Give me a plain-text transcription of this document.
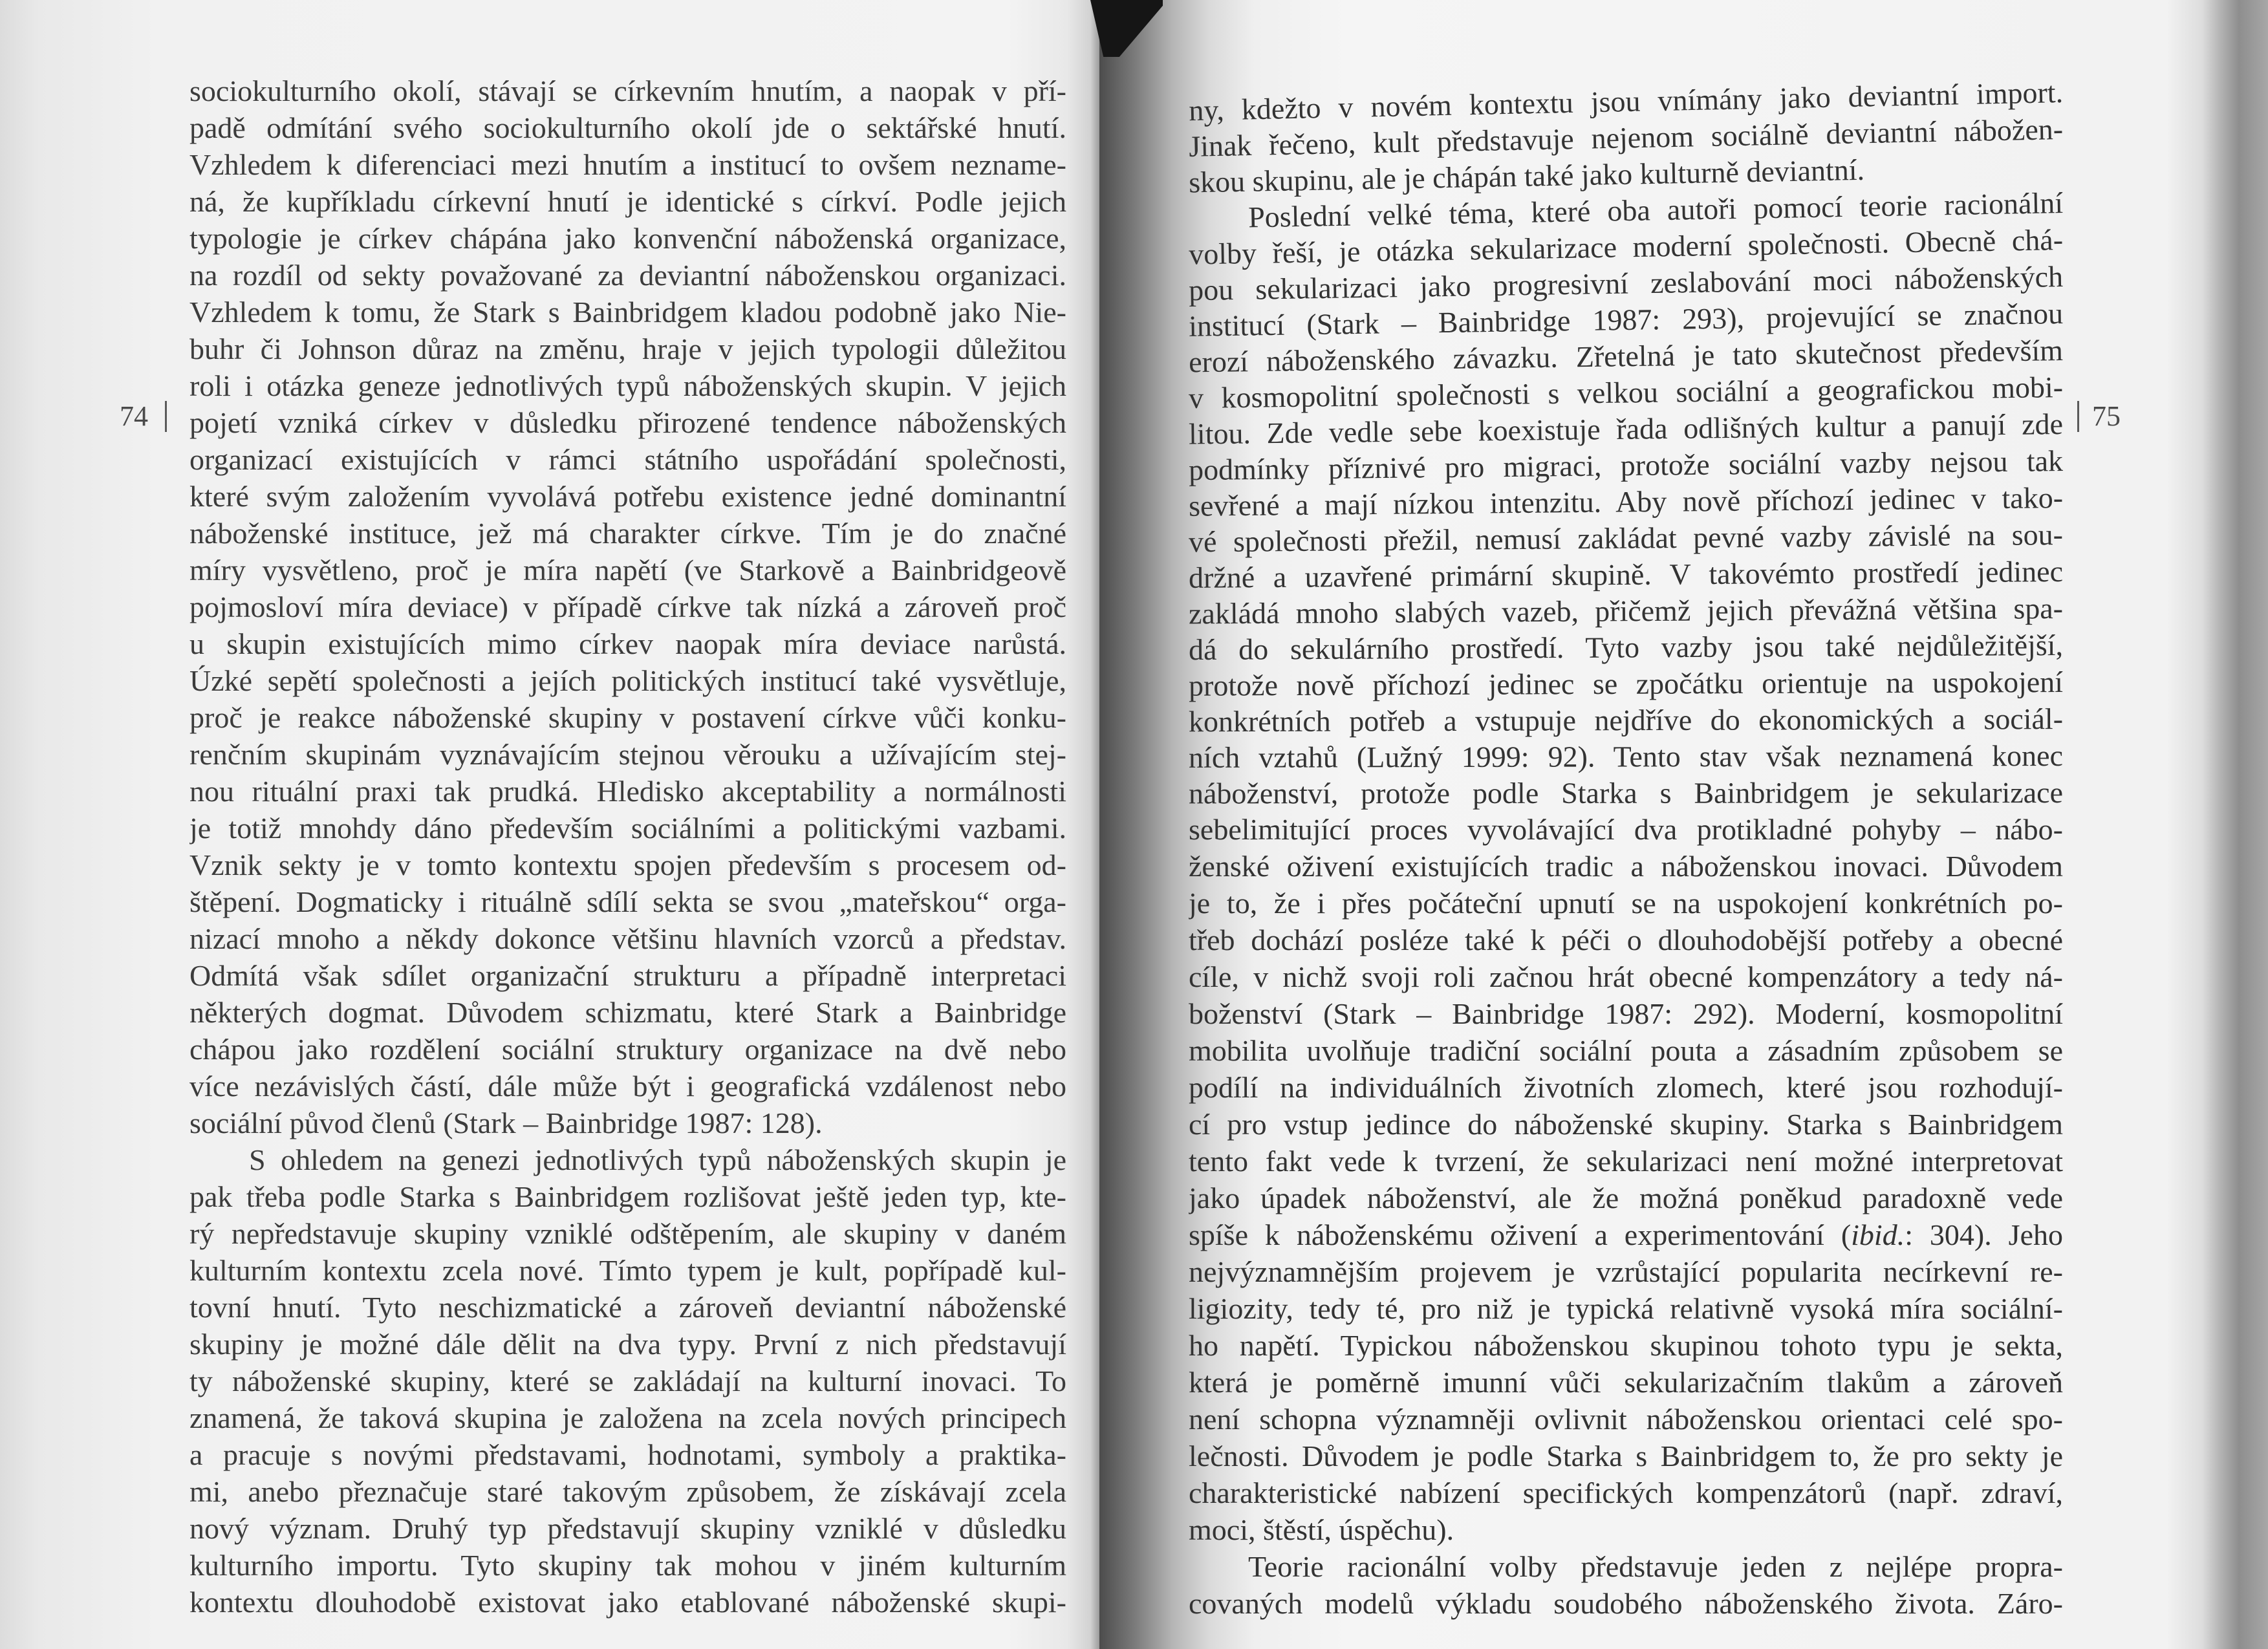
sociokulturního okolí, stávají se církevním hnutím, a naopak v pří-
padě odmítání svého sociokulturního okolí jde o sektářské hnutí.
Vzhledem k diferenciaci mezi hnutím a institucí to ovšem nezname-
ná, že kupříkladu církevní hnutí je identické s církví. Podle jejich
typologie je církev chápána jako konvenční náboženská organizace,
na rozdíl od sekty považované za deviantní náboženskou organizaci.
Vzhledem k tomu, že Stark s Bainbridgem kladou podobně jako Nie-
buhr či Johnson důraz na změnu, hraje v jejich typologii důležitou
roli i otázka geneze jednotlivých typů náboženských skupin. V jejich
pojetí vzniká církev v důsledku přirozené tendence náboženských
organizací existujících v rámci státního uspořádání společnosti,
které svým založením vyvolává potřebu existence jedné dominantní
náboženské instituce, jež má charakter církve. Tím je do značné
míry vysvětleno, proč je míra napětí (ve Starkově a Bainbridgeově
pojmosloví míra deviace) v případě církve tak nízká a zároveň proč
u skupin existujících mimo církev naopak míra deviace narůstá.
Úzké sepětí společnosti a jejích politických institucí také vysvětluje,
proč je reakce náboženské skupiny v postavení církve vůči konku-
renčním skupinám vyznávajícím stejnou věrouku a užívajícím stej-
nou rituální praxi tak prudká. Hledisko akceptability a normálnosti
je totiž mnohdy dáno především sociálními a politickými vazbami.
Vznik sekty je v tomto kontextu spojen především s procesem od-
štěpení. Dogmaticky i rituálně sdílí sekta se svou „mateřskou“ orga-
nizací mnoho a někdy dokonce většinu hlavních vzorců a představ.
Odmítá však sdílet organizační strukturu a případně interpretaci
některých dogmat. Důvodem schizmatu, které Stark a Bainbridge
chápou jako rozdělení sociální struktury organizace na dvě nebo
více nezávislých částí, dále může být i geografická vzdálenost nebo
sociální původ členů (Stark – Bainbridge 1987: 128).
S ohledem na genezi jednotlivých typů náboženských skupin je
pak třeba podle Starka s Bainbridgem rozlišovat ještě jeden typ, kte-
rý nepředstavuje skupiny vzniklé odštěpením, ale skupiny v daném
kulturním kontextu zcela nové. Tímto typem je kult, popřípadě kul-
tovní hnutí. Tyto neschizmatické a zároveň deviantní náboženské
skupiny je možné dále dělit na dva typy. První z nich představují
ty náboženské skupiny, které se zakládají na kulturní inovaci. To
znamená, že taková skupina je založena na zcela nových principech
a pracuje s novými představami, hodnotami, symboly a praktika-
mi, anebo přeznačuje staré takovým způsobem, že získávají zcela
nový význam. Druhý typ představují skupiny vzniklé v důsledku
kulturního importu. Tyto skupiny tak mohou v jiném kulturním
kontextu dlouhodobě existovat jako etablované náboženské skupi-
ny, kdežto v novém kontextu jsou vnímány jako deviantní import.
Jinak řečeno, kult představuje nejenom sociálně deviantní nábožen-
skou skupinu, ale je chápán také jako kulturně deviantní.
Poslední velké téma, které oba autoři pomocí teorie racionální
volby řeší, je otázka sekularizace moderní společnosti. Obecně chá-
pou sekularizaci jako progresivní zeslabování moci náboženských
institucí (Stark – Bainbridge 1987: 293), projevující se značnou
erozí náboženského závazku. Zřetelná je tato skutečnost především
v kosmopolitní společnosti s velkou sociální a geografickou mobi-
litou. Zde vedle sebe koexistuje řada odlišných kultur a panují zde
podmínky příznivé pro migraci, protože sociální vazby nejsou tak
sevřené a mají nízkou intenzitu. Aby nově příchozí jedinec v tako-
vé společnosti přežil, nemusí zakládat pevné vazby závislé na sou-
držné a uzavřené primární skupině. V takovémto prostředí jedinec
zakládá mnoho slabých vazeb, přičemž jejich převážná většina spa-
dá do sekulárního prostředí. Tyto vazby jsou také nejdůležitější,
protože nově příchozí jedinec se zpočátku orientuje na uspokojení
konkrétních potřeb a vstupuje nejdříve do ekonomických a sociál-
ních vztahů (Lužný 1999: 92). Tento stav však neznamená konec
náboženství, protože podle Starka s Bainbridgem je sekularizace
sebelimitující proces vyvolávající dva protikladné pohyby – nábo-
ženské oživení existujících tradic a náboženskou inovaci. Důvodem
je to, že i přes počáteční upnutí se na uspokojení konkrétních po-
třeb dochází posléze také k péči o dlouhodobější potřeby a obecné
cíle, v nichž svoji roli začnou hrát obecné kompenzátory a tedy ná-
boženství (Stark – Bainbridge 1987: 292). Moderní, kosmopolitní
mobilita uvolňuje tradiční sociální pouta a zásadním způsobem se
podílí na individuálních životních zlomech, které jsou rozhodují-
cí pro vstup jedince do náboženské skupiny. Starka s Bainbridgem
tento fakt vede k tvrzení, že sekularizaci není možné interpretovat
jako úpadek náboženství, ale že možná poněkud paradoxně vede
spíše k náboženskému oživení a experimentování (ibid.: 304). Jeho
nejvýznamnějším projevem je vzrůstající popularita necírkevní re-
ligiozity, tedy té, pro niž je typická relativně vysoká míra sociální-
ho napětí. Typickou náboženskou skupinou tohoto typu je sekta,
která je poměrně imunní vůči sekularizačním tlakům a zároveň
není schopna významněji ovlivnit náboženskou orientaci celé spo-
lečnosti. Důvodem je podle Starka s Bainbridgem to, že pro sekty je
charakteristické nabízení specifických kompenzátorů (např. zdraví,
moci, štěstí, úspěchu).
Teorie racionální volby představuje jeden z nejlépe propra-
covaných modelů výkladu soudobého náboženského života. Záro-
74	75
